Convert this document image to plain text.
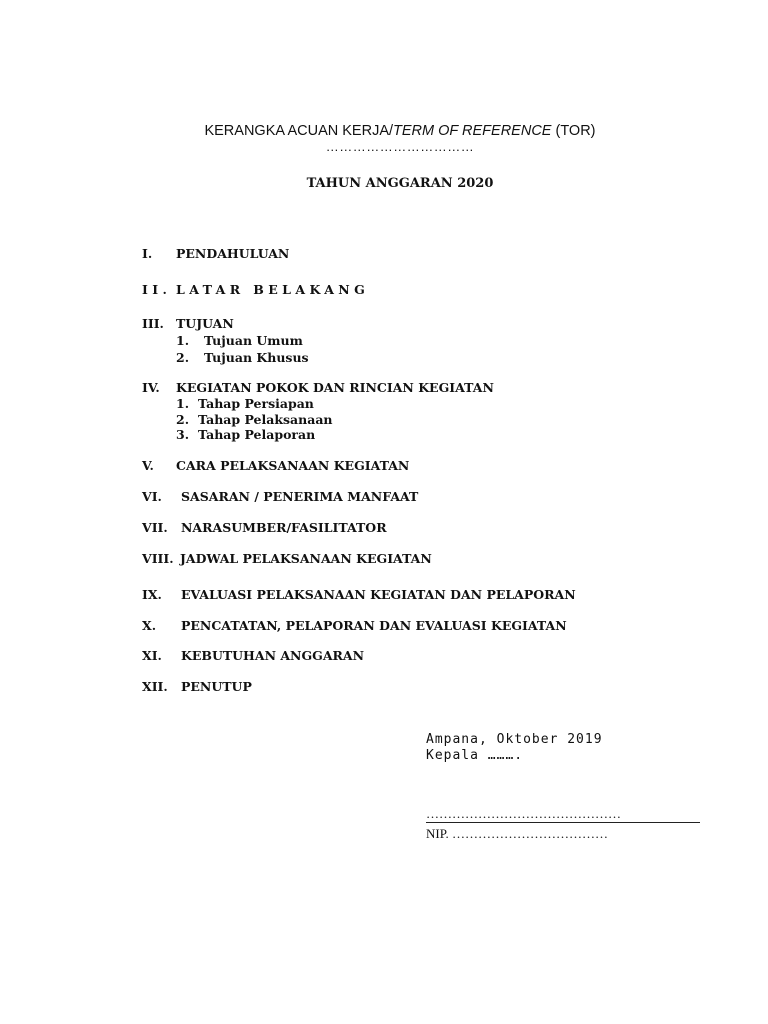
KERANGKA ACUAN KERJA/TERM OF REFERENCE (TOR)
……………………………
TAHUN ANGGARAN 2020
I. PENDAHULUAN
II. LATAR BELAKANG
III. TUJUAN
1. Tujuan Umum
2. Tujuan Khusus
IV. KEGIATAN POKOK DAN RINCIAN KEGIATAN
1. Tahap Persiapan
2. Tahap Pelaksanaan
3. Tahap Pelaporan
V. CARA PELAKSANAAN KEGIATAN
VI. SASARAN / PENERIMA MANFAAT
VII. NARASUMBER/FASILITATOR
VIII. JADWAL PELAKSANAAN KEGIATAN
IX. EVALUASI PELAKSANAAN KEGIATAN DAN PELAPORAN
X. PENCATATAN, PELAPORAN DAN EVALUASI KEGIATAN
XI. KEBUTUHAN ANGGARAN
XII. PENUTUP
Ampana, Oktober 2019
Kepala ……….
………………………………………
NIP. ………………………………
